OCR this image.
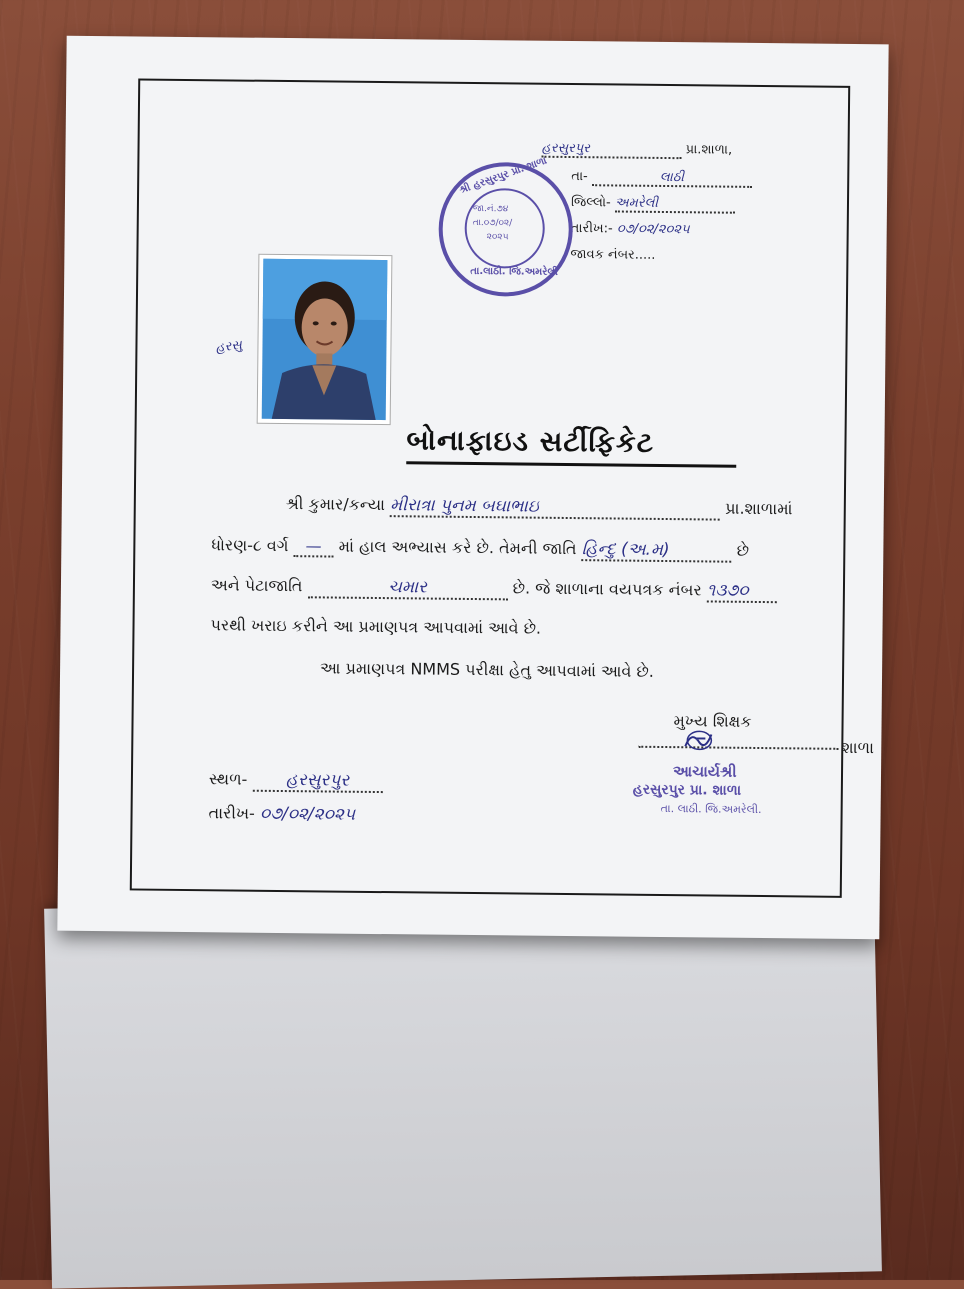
હરસુરપુર	પ્રા.શાળા,
તા-	લાઠી
જિલ્લો- અમરેલી
તારીખ:- ૦૭/૦૨/૨૦૨૫
જાવક નંબર.....
શ્રી હરસુરપુર પ્રા. શાળા
તા.લાઠી. જિ.અમરેલી
જા.નં.૭૪
તા.૦૭/૦૨/
૨૦૨૫
હરસુ
બોનાફાઇડ સર્ટીફિકેટ
શ્રી કુમાર/કન્યા મીરાત્રા પુનમ બઘાભાઇ	પ્રા.શાળામાં
ધોરણ-૮ વર્ગ — માં હાલ અભ્યાસ કરે છે. તેમની જાતિ હિન્દુ (અ.મ)	છે
અને પેટાજાતિ	ચમાર	છે. જે શાળાના વયપત્રક નંબર ૧૩૭૦
પરથી ખરાઇ કરીને આ પ્રમાણપત્ર આપવામાં આવે છે.
આ પ્રમાણપત્ર NMMS પરીક્ષા હેતુ આપવામાં આવે છે.
મુખ્ય શિક્ષક
શાળા
આચાર્યશ્રી
હરસુરપુર પ્રા. શાળા
તા. લાઠી. જિ.અમરેલી.
સ્થળ- હરસુરપુર
તારીખ- ૦૭/૦૨/૨૦૨૫
